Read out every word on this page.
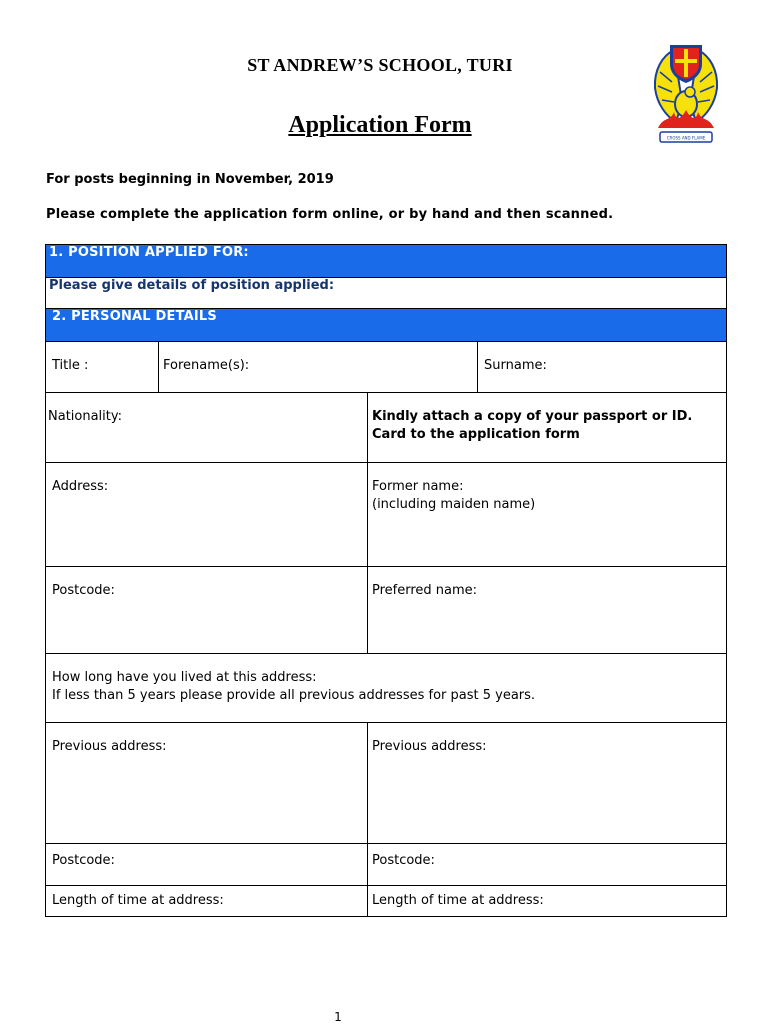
ST ANDREW’S SCHOOL, TURI
Application Form	CROSS AND FLAME
For posts beginning in November, 2019
Please complete the application form online, or by hand and then scanned.
1. POSITION APPLIED FOR:			

Please give details of position applied:			

2. PERSONAL DETAILS			

Title :	Forename(s):		Surname:

Nationality:		Kindly attach a copy of your passport or ID.
Card to the application form	

Address:		Former name:
(including maiden name)	

Postcode:		Preferred name:	

How long have you lived at this address:
If less than 5 years please provide all previous addresses for past 5 years.			

Previous address:		Previous address:	

Postcode:		Postcode:	

Length of time at address:		Length of time at address:	
1
